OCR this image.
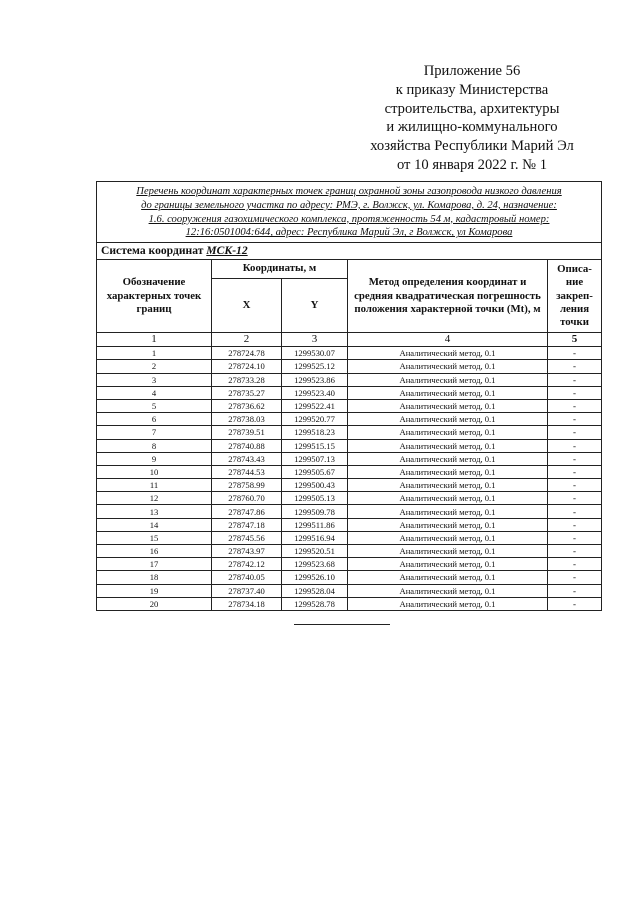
Приложение 56
к приказу Министерства
строительства, архитектуры
и жилищно-коммунального
хозяйства Республики Марий Эл
от 10 января 2022 г. № 1
Перечень координат характерных точек границ охранной зоны газопровода низкого давления
до границы земельного участка по адресу: РМЭ, г. Волжск, ул. Комарова, д. 24, назначение:
1.6. сооружения газохимического комплекса, протяженность 54 м, кадастровый номер:
12:16:0501004:644, адрес: Республика Марий Эл, г Волжск, ул Комарова				

Система координат МСК-12				
Обозначение характерных точек границ	Координаты, м		Метод определения координат и средняя квадратическая погрешность положения характерной точки (Mt), м	Описа-ние закреп-ления точки
	X	Y		
1	2	3	4	5
1	278724.78	1299530.07	Аналитический метод, 0.1	-
2	278724.10	1299525.12	Аналитический метод, 0.1	-
3	278733.28	1299523.86	Аналитический метод, 0.1	-
4	278735.27	1299523.40	Аналитический метод, 0.1	-
5	278736.62	1299522.41	Аналитический метод, 0.1	-
6	278738.03	1299520.77	Аналитический метод, 0.1	-
7	278739.51	1299518.23	Аналитический метод, 0.1	-
8	278740.88	1299515.15	Аналитический метод, 0.1	-
9	278743.43	1299507.13	Аналитический метод, 0.1	-
10	278744.53	1299505.67	Аналитический метод, 0.1	-
11	278758.99	1299500.43	Аналитический метод, 0.1	-
12	278760.70	1299505.13	Аналитический метод, 0.1	-
13	278747.86	1299509.78	Аналитический метод, 0.1	-
14	278747.18	1299511.86	Аналитический метод, 0.1	-
15	278745.56	1299516.94	Аналитический метод, 0.1	-
16	278743.97	1299520.51	Аналитический метод, 0.1	-
17	278742.12	1299523.68	Аналитический метод, 0.1	-
18	278740.05	1299526.10	Аналитический метод, 0.1	-
19	278737.40	1299528.04	Аналитический метод, 0.1	-
20	278734.18	1299528.78	Аналитический метод, 0.1	-
